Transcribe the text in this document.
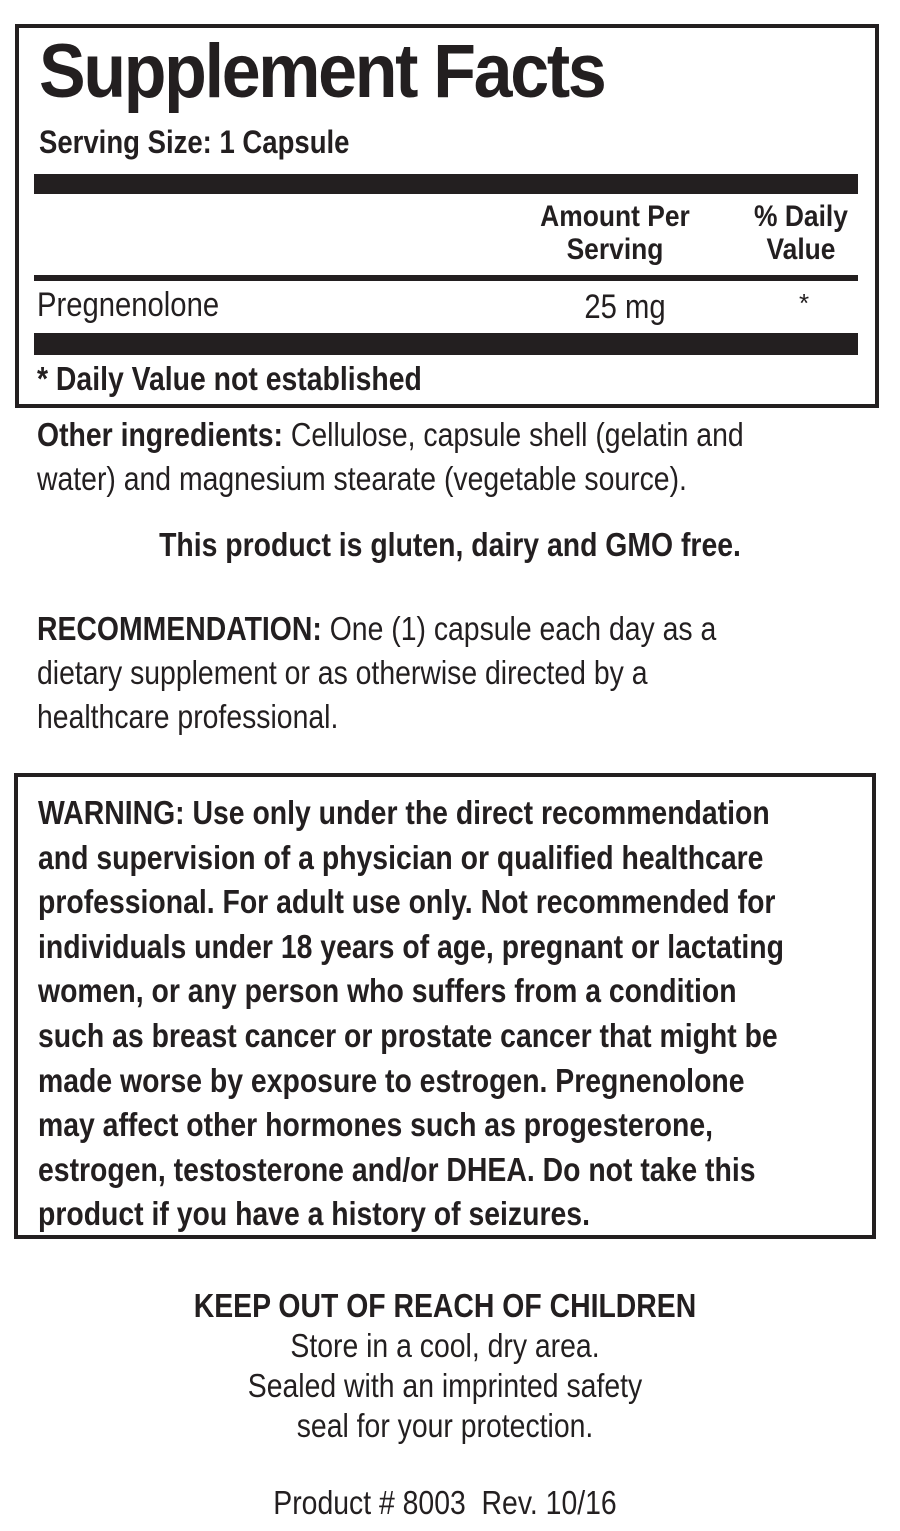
Supplement Facts
Serving Size: 1 Capsule
Amount Per
Serving
% Daily
Value
Pregnenolone	25 mg	*
* Daily Value not established
Other ingredients: Cellulose, capsule shell (gelatin and
water) and magnesium stearate (vegetable source).
This product is gluten, dairy and GMO free.
RECOMMENDATION: One (1) capsule each day as a
dietary supplement or as otherwise directed by a
healthcare professional.
WARNING: Use only under the direct recommendation
and supervision of a physician or qualified healthcare
professional. For adult use only. Not recommended for
individuals under 18 years of age, pregnant or lactating
women, or any person who suffers from a condition
such as breast cancer or prostate cancer that might be
made worse by exposure to estrogen. Pregnenolone
may affect other hormones such as progesterone,
estrogen, testosterone and/or DHEA. Do not take this
product if you have a history of seizures.
KEEP OUT OF REACH OF CHILDREN
Store in a cool, dry area.
Sealed with an imprinted safety
seal for your protection.
Product # 8003  Rev. 10/16
